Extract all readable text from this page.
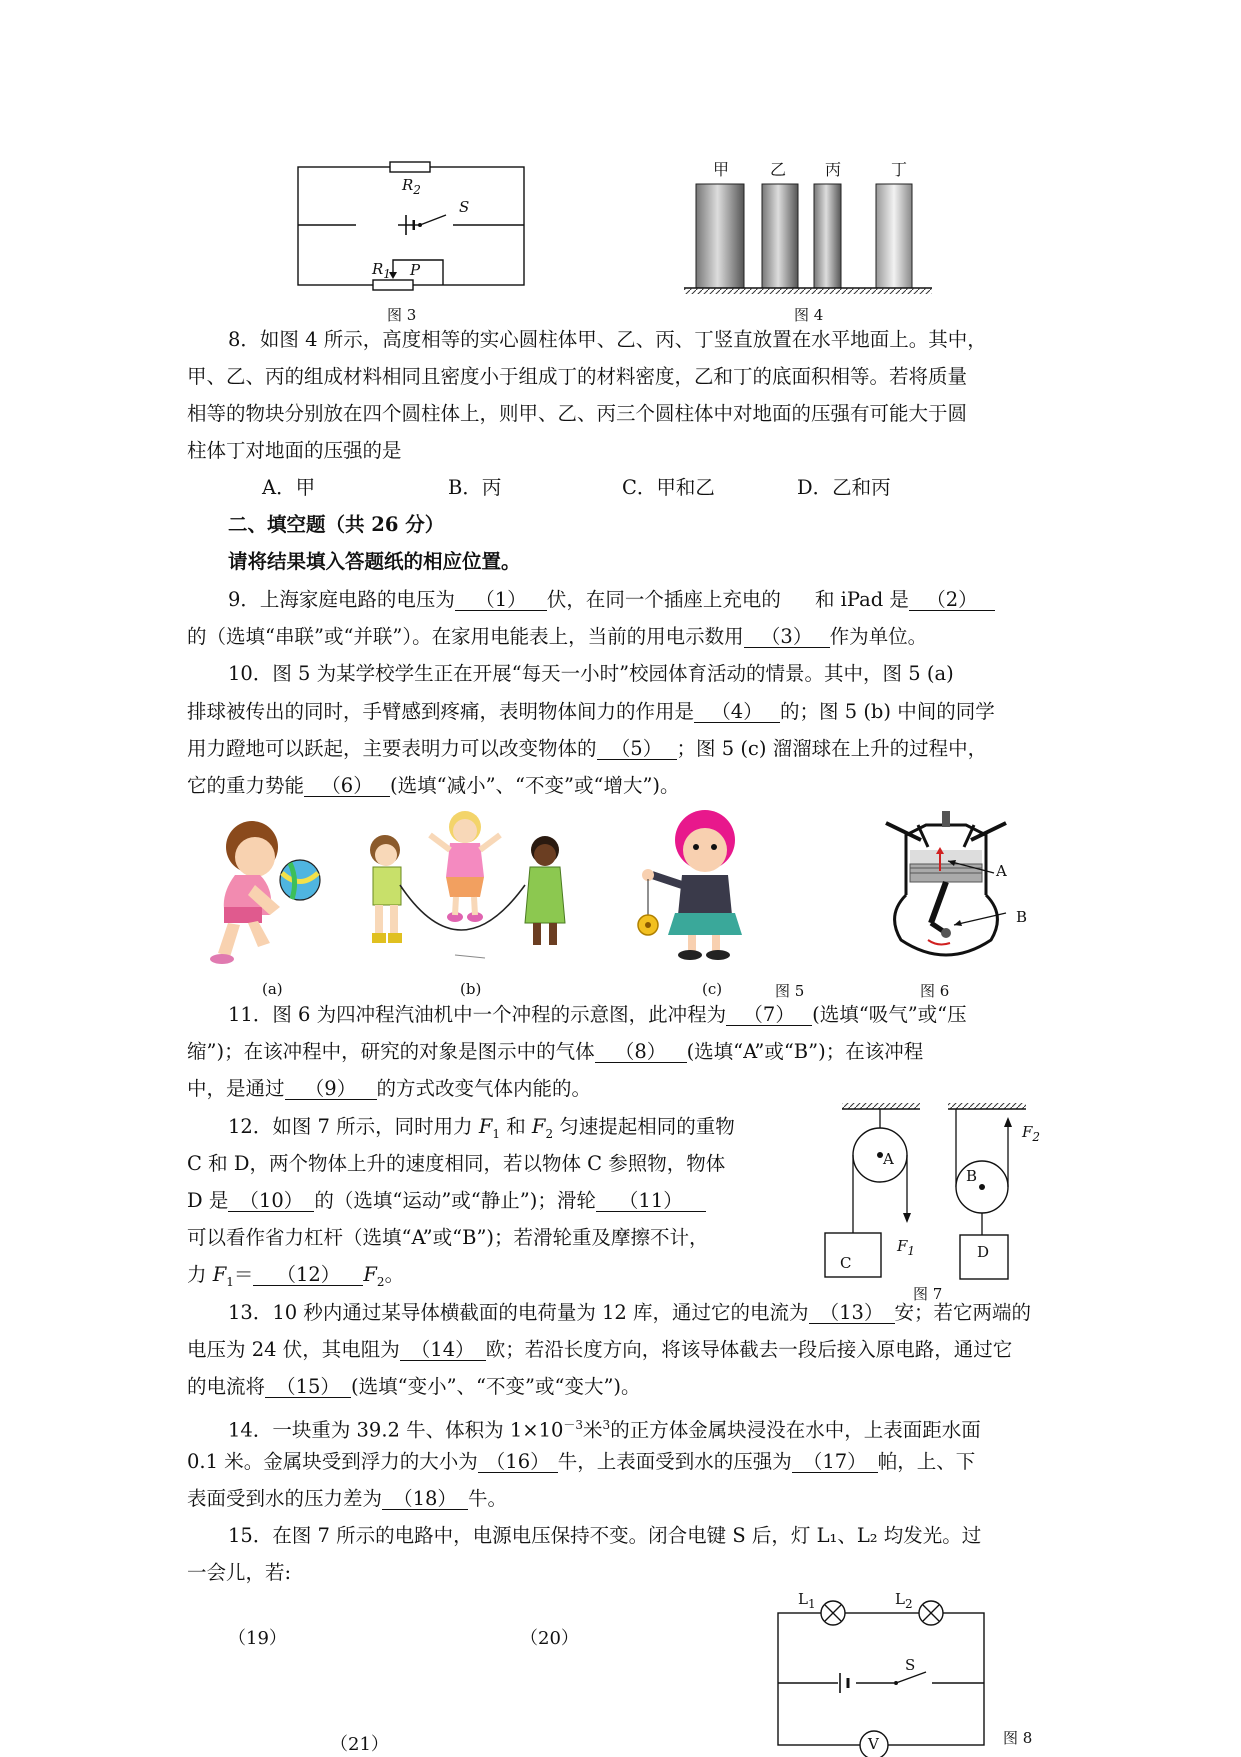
$R_2$
S
$R_1$ P
图 3
甲	乙 丙	丁
图 4
8．如图 4 所示，高度相等的实心圆柱体甲、乙、丙、丁竖直放置在水平地面上。其中，
甲、乙、丙的组成材料相同且密度小于组成丁的材料密度，乙和丁的底面积相等。若将质量
相等的物块分别放在四个圆柱体上，则甲、乙、丙三个圆柱体中对地面的压强有可能大于圆
柱体丁对地面的压强的是
A．甲	B．丙	C．甲和乙	D．乙和丙
二、填空题（共 26 分）
请将结果填入答题纸的相应位置。
9．上海家庭电路的电压为 （1） 伏，在同一个插座上充电的 和 iPad 是 （2）
的（选填“串联”或“并联”）。在家用电能表上，当前的用电示数用 （3） 作为单位。
10．图 5 为某学校学生正在开展“每天一小时”校园体育活动的情景。其中，图 5 (a)
排球被传出的同时，手臂感到疼痛，表明物体间力的作用是 （4） 的；图 5 (b) 中间的同学
用力蹬地可以跃起，主要表明力可以改变物体的 （5） ；图 5 (c) 溜溜球在上升的过程中，
它的重力势能 （6） (选填“减小”、“不变”或“增大”)。
A
B
(a)	(b)	(c)	图 5	图 6
11．图 6 为四冲程汽油机中一个冲程的示意图，此冲程为 （7） (选填“吸气”或“压
缩”)；在该冲程中，研究的对象是图示中的气体 （8） (选填“A”或“B”)；在该冲程
中，是通过 （9） 的方式改变气体内能的。
12．如图 7 所示，同时用力 $F_1$ 和 $F_2$ 匀速提起相同的重物
C 和 D，两个物体上升的速度相同，若以物体 C 参照物，物体
D 是 （10） 的（选填“运动”或“静止”)；滑轮 （11）
可以看作省力杠杆（选填“A”或“B”)；若滑轮重及摩擦不计，
力 $F_1= (12)$ $F_2$。
A
B
C
D
$F_1$
$F_2$
图 7
13．10 秒内通过某导体横截面的电荷量为 12 库，通过它的电流为 （13） 安；若它两端的
电压为 24 伏，其电阻为 （14） 欧；若沿长度方向，将该导体截去一段后接入原电路，通过它
的电流将 （15） (选填“变小”、“不变”或“变大”)。
14．一块重为 39.2 牛、体积为 $1\times 10^{-3}$米$^3$的正方体金属块浸没在水中，上表面距水面
0.1 米。金属块受到浮力的大小为 （16） 牛，上表面受到水的压强为 （17） 帕，上、下
表面受到水的压力差为 （18） 牛。
15．在图 7 所示的电路中，电源电压保持不变。闭合电键 S 后，灯 L₁、L₂ 均发光。过
一会儿，若:
（19）	（20）
（21）
$L_1$	$L_2$
S
V	图 8
